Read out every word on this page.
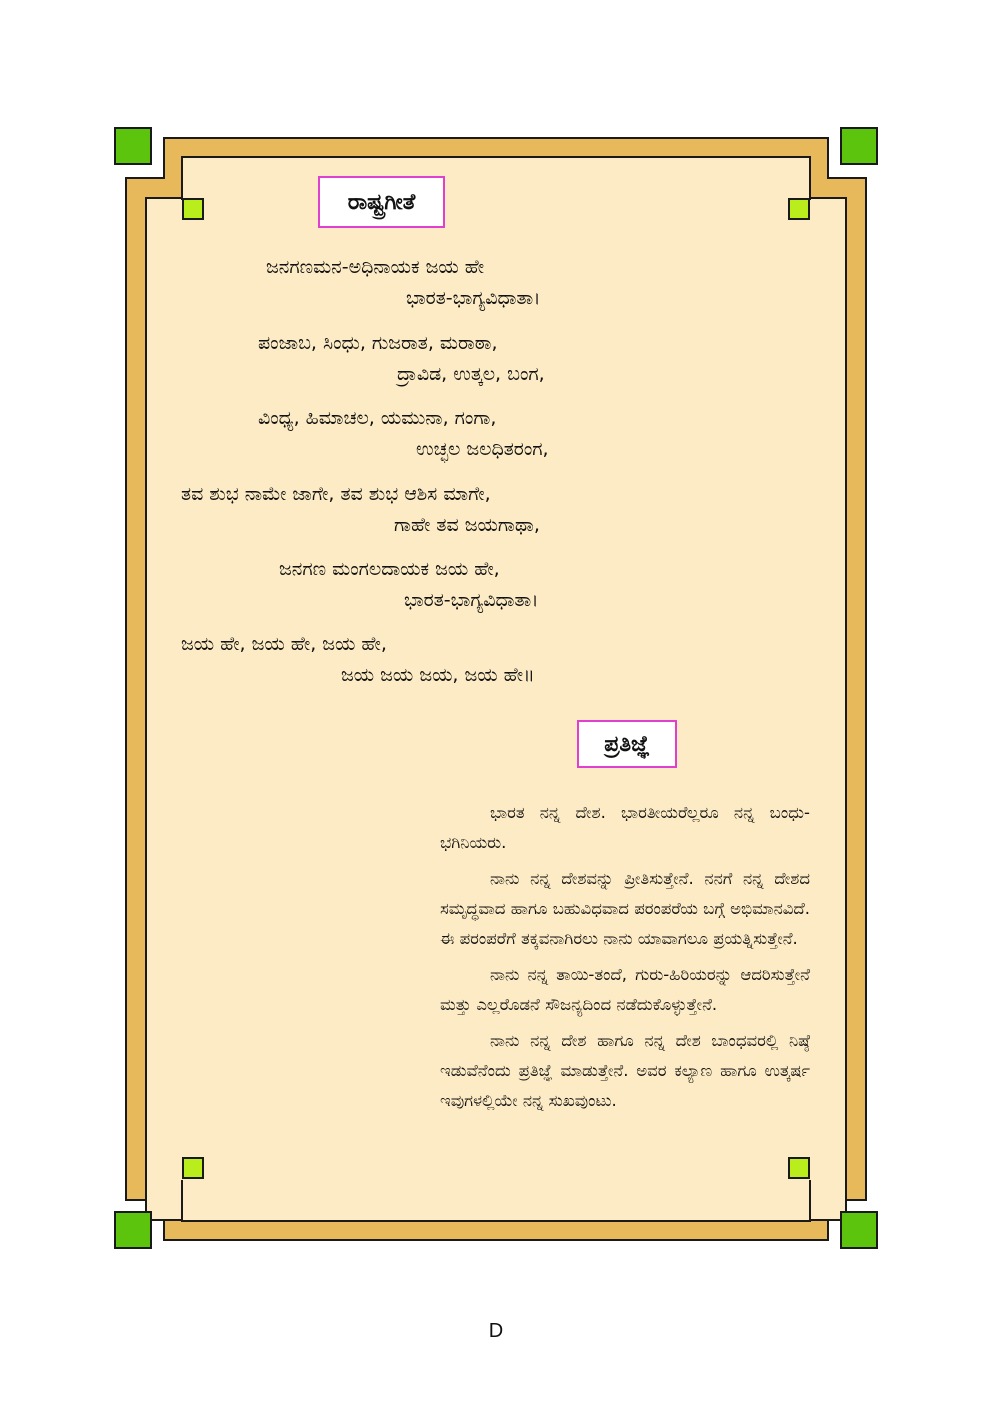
ರಾಷ್ಟ್ರಗೀತೆ
ಜನಗಣಮನ-ಅಧಿನಾಯಕ ಜಯ ಹೇ
ಭಾರತ-ಭಾಗ್ಯವಿಧಾತಾ।
ಪಂಜಾಬ, ಸಿಂಧು, ಗುಜರಾತ, ಮರಾಠಾ,
ದ್ರಾವಿಡ, ಉತ್ಕಲ, ಬಂಗ,
ವಿಂಧ್ಯ, ಹಿಮಾಚಲ, ಯಮುನಾ, ಗಂಗಾ,
ಉಚ್ಛಲ ಜಲಧಿತರಂಗ,
ತವ ಶುಭ ನಾಮೇ ಜಾಗೇ, ತವ ಶುಭ ಆಶಿಸ ಮಾಗೇ,
ಗಾಹೇ ತವ ಜಯಗಾಥಾ,
ಜನಗಣ ಮಂಗಲದಾಯಕ ಜಯ ಹೇ,
ಭಾರತ-ಭಾಗ್ಯವಿಧಾತಾ।
ಜಯ ಹೇ, ಜಯ ಹೇ, ಜಯ ಹೇ,
ಜಯ ಜಯ ಜಯ, ಜಯ ಹೇ॥
ಪ್ರತಿಜ್ಞೆ

ಭಾರತ ನನ್ನ ದೇಶ. ಭಾರತೀಯರೆಲ್ಲರೂ ನನ್ನ ಬಂಧು-ಭಗಿನಿಯರು.

ನಾನು ನನ್ನ ದೇಶವನ್ನು ಪ್ರೀತಿಸುತ್ತೇನೆ. ನನಗೆ ನನ್ನ ದೇಶದ ಸಮೃದ್ಧವಾದ ಹಾಗೂ ಬಹುವಿಧವಾದ ಪರಂಪರೆಯ ಬಗ್ಗೆ ಅಭಿಮಾನವಿದೆ. ಈ ಪರಂಪರೆಗೆ ತಕ್ಕವನಾಗಿರಲು ನಾನು ಯಾವಾಗಲೂ ಪ್ರಯತ್ನಿಸುತ್ತೇನೆ.

ನಾನು ನನ್ನ ತಾಯಿ-ತಂದೆ, ಗುರು-ಹಿರಿಯರನ್ನು ಆದರಿಸುತ್ತೇನೆ ಮತ್ತು ಎಲ್ಲರೊಡನೆ ಸೌಜನ್ಯದಿಂದ ನಡೆದುಕೊಳ್ಳುತ್ತೇನೆ.

ನಾನು ನನ್ನ ದೇಶ ಹಾಗೂ ನನ್ನ ದೇಶ ಬಾಂಧವರಲ್ಲಿ ನಿಷ್ಠೆ ಇಡುವೆನೆಂದು ಪ್ರತಿಜ್ಞೆ ಮಾಡುತ್ತೇನೆ. ಅವರ ಕಲ್ಯಾಣ ಹಾಗೂ ಉತ್ಕರ್ಷ ಇವುಗಳಲ್ಲಿಯೇ ನನ್ನ ಸುಖವುಂಟು.

D
